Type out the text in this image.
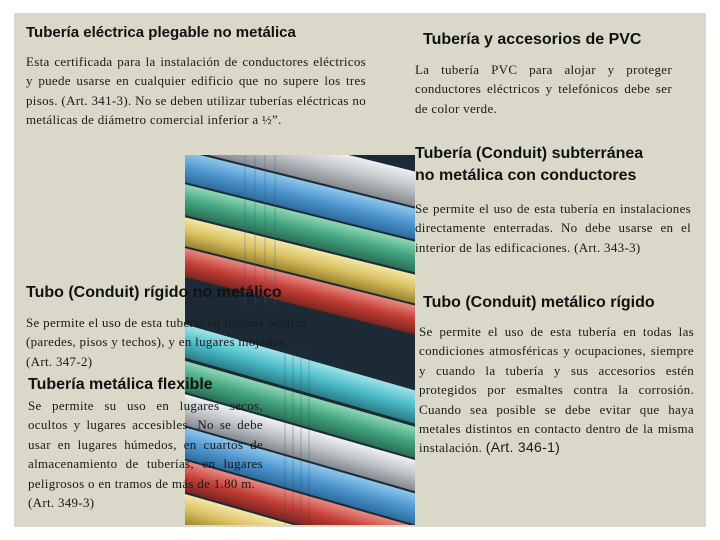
Tubería eléctrica plegable no metálica

Esta certificada para la instalación de conductores eléctricos y puede usarse en cualquier edificio que no supere los tres pisos. (Art. 341-3). No se deben utilizar tuberías eléctricas no metálicas de diámetro comercial inferior a ½”.

Tubería y accesorios de PVC

La tubería PVC para alojar y proteger conductores eléctricos y telefónicos debe ser de color verde.

Tubería (Conduit) subterránea
no metálica con conductores

Se permite el uso de esta tubería en instalaciones directamente enterradas. No debe usarse en el interior de las edificaciones. (Art. 343-3)

Tubo (Conduit) rígido no metálico

Se permite el uso de esta tubería en lugares ocultos
(paredes, pisos y techos), y en lugares mojados.
(Art. 347-2)

Tubería metálica flexible

Se permite su uso en lugares secos, ocultos y lugares accesibles. No se debe usar en lugares húmedos, en cuartos de almacenamiento de tuberías, en lugares peligrosos o en tramos de más de 1.80 m.
(Art. 349-3)

Tubo (Conduit) metálico rígido

Se permite el uso de esta tubería en todas las condiciones atmosféricas y ocupaciones, siempre y cuando la tubería y sus accesorios estén protegidos por esmaltes contra la corrosión. Cuando sea posible se debe evitar que haya metales distintos en contacto dentro de la misma instalación. (Art. 346-1)
